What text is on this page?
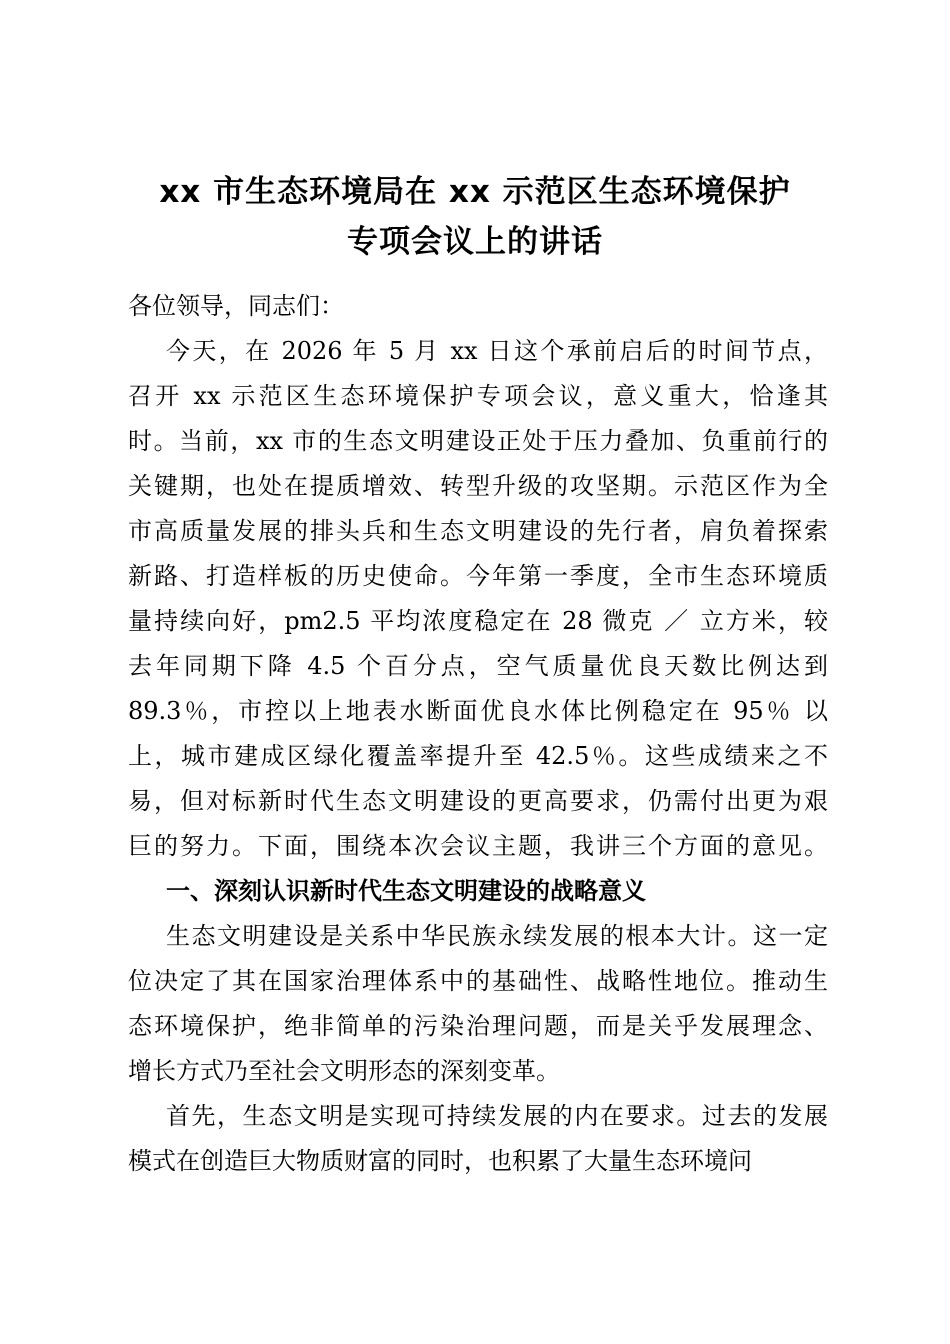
xx 市生态环境局在 xx 示范区生态环境保护
专项会议上的讲话
各位领导，同志们：
今天，在 2026 年 5 月 xx 日这个承前启后的时间节点，
召开 xx 示范区生态环境保护专项会议，意义重大，恰逢其
时。当前，xx 市的生态文明建设正处于压力叠加、负重前行的
关键期，也处在提质增效、转型升级的攻坚期。示范区作为全
市高质量发展的排头兵和生态文明建设的先行者，肩负着探索
新路、打造样板的历史使命。今年第一季度，全市生态环境质
量持续向好，pm2.5 平均浓度稳定在 28 微克 ／ 立方米，较
去年同期下降 4.5 个百分点，空气质量优良天数比例达到
89.3％，市控以上地表水断面优良水体比例稳定在 95％ 以
上，城市建成区绿化覆盖率提升至 42.5％。这些成绩来之不
易，但对标新时代生态文明建设的更高要求，仍需付出更为艰
巨的努力。下面，围绕本次会议主题，我讲三个方面的意见。
一、深刻认识新时代生态文明建设的战略意义
生态文明建设是关系中华民族永续发展的根本大计。这一定
位决定了其在国家治理体系中的基础性、战略性地位。推动生
态环境保护，绝非简单的污染治理问题，而是关乎发展理念、
增长方式乃至社会文明形态的深刻变革。
首先，生态文明是实现可持续发展的内在要求。过去的发展
模式在创造巨大物质财富的同时，也积累了大量生态环境问
